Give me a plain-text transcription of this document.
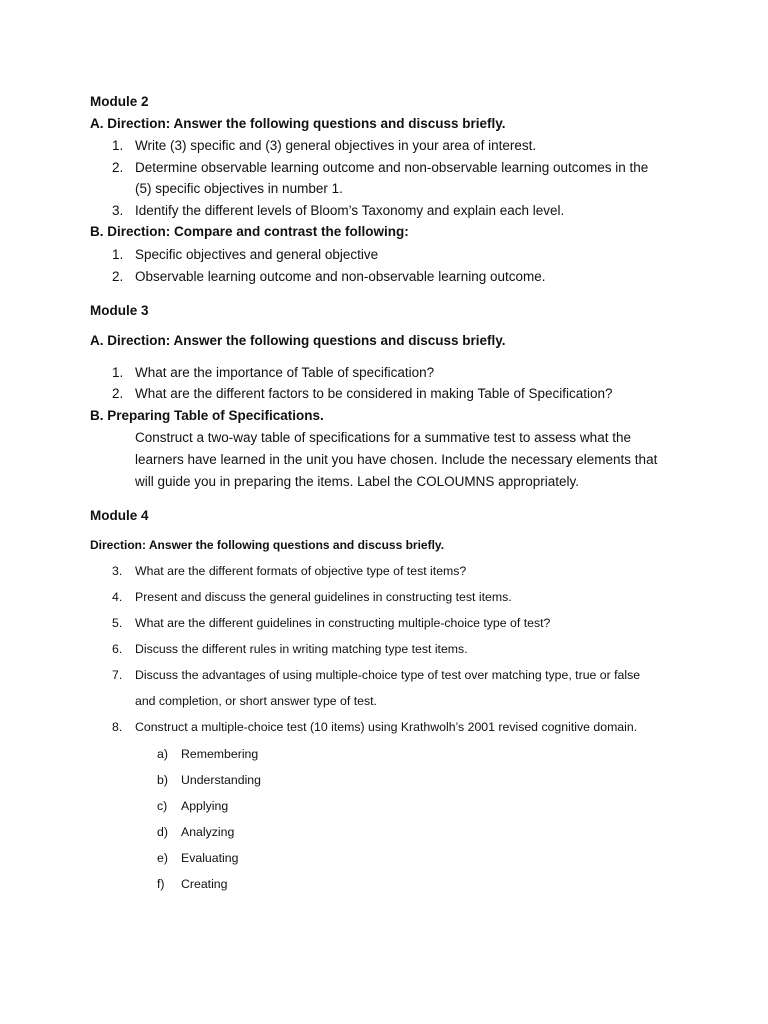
Module 2
A. Direction: Answer the following questions and discuss briefly.
1. Write (3) specific and (3) general objectives in your area of interest.
2. Determine observable learning outcome and non-observable learning outcomes in the
(5) specific objectives in number 1.
3. Identify the different levels of Bloom’s Taxonomy and explain each level.
B. Direction: Compare and contrast the following:
1. Specific objectives and general objective
2. Observable learning outcome and non-observable learning outcome.
Module 3
A. Direction: Answer the following questions and discuss briefly.
1. What are the importance of Table of specification?
2. What are the different factors to be considered in making Table of Specification?
B. Preparing Table of Specifications.
Construct a two-way table of specifications for a summative test to assess what the
learners have learned in the unit you have chosen. Include the necessary elements that
will guide you in preparing the items. Label the COLOUMNS appropriately.
Module 4
Direction: Answer the following questions and discuss briefly.
3.	What are the different formats of objective type of test items?
4.	Present and discuss the general guidelines in constructing test items.
5.	What are the different guidelines in constructing multiple-choice type of test?
6.	Discuss the different rules in writing matching type test items.
7.	Discuss the advantages of using multiple-choice type of test over matching type, true or false
and completion, or short answer type of test.
8.	Construct a multiple-choice test (10 items) using Krathwolh’s 2001 revised cognitive domain.
a) Remembering
b) Understanding
c) Applying
d) Analyzing
e) Evaluating
f) Creating
